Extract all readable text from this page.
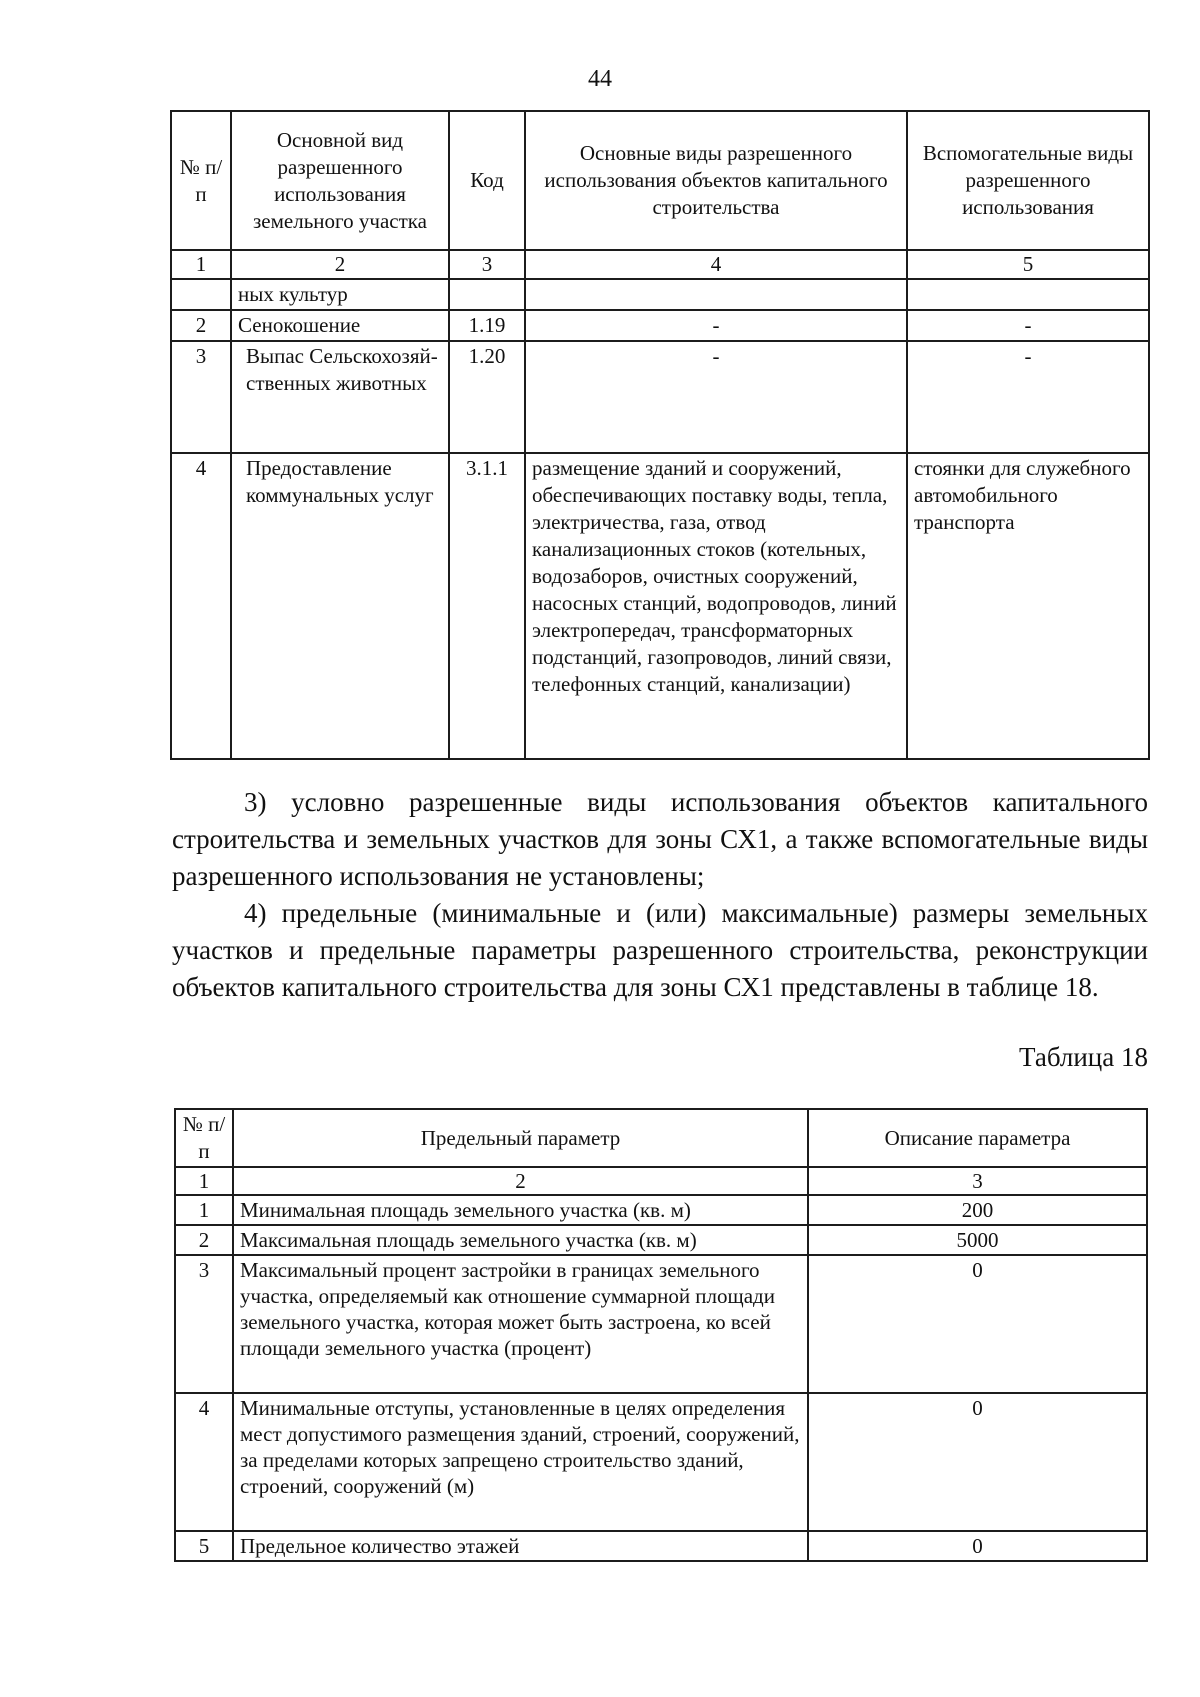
44
№ п/п	Основной вид разрешенного использования земельного участка	Код	Основные виды разрешенного использования объектов капитального строительства	Вспомогательные виды разрешенного использования
1	2	3	4	5
	ных культур			
2	Сенокошение	1.19	-	-
3	Выпас Сельскохозяй-ственных животных	1.20	-	-
4	Предоставление коммунальных услуг	3.1.1	размещение зданий и сооружений, обеспечивающих поставку воды, тепла, электричества, газа, отвод канализационных стоков (котельных, водозаборов, очистных сооружений, насосных станций, водопроводов, линий электропередач, трансформаторных подстанций, газопроводов, линий связи, телефонных станций, канализации)	стоянки для служебного автомобильного транспорта

3) условно разрешенные виды использования объектов капитального строительства и земельных участков для зоны СХ1, а также вспомогательные виды разрешенного использования не установлены;

4) предельные (минимальные и (или) максимальные) размеры земельных участков и предельные параметры разрешенного строительства, реконструкции объектов капитального строительства для зоны СХ1 представлены в таблице 18.

Таблица 18
№ п/п	Предельный параметр	Описание параметра
1	2	3
1	Минимальная площадь земельного участка (кв. м)	200
2	Максимальная площадь земельного участка (кв. м)	5000
3	Максимальный процент застройки в границах земельного участка, определяемый как отношение суммарной площади земельного участка, которая может быть застроена, ко всей площади земельного участка (процент)	0
4	Минимальные отступы, установленные в целях определения мест допустимого размещения зданий, строений, сооружений, за пределами которых запрещено строительство зданий, строений, сооружений (м)	0
5	Предельное количество этажей	0
